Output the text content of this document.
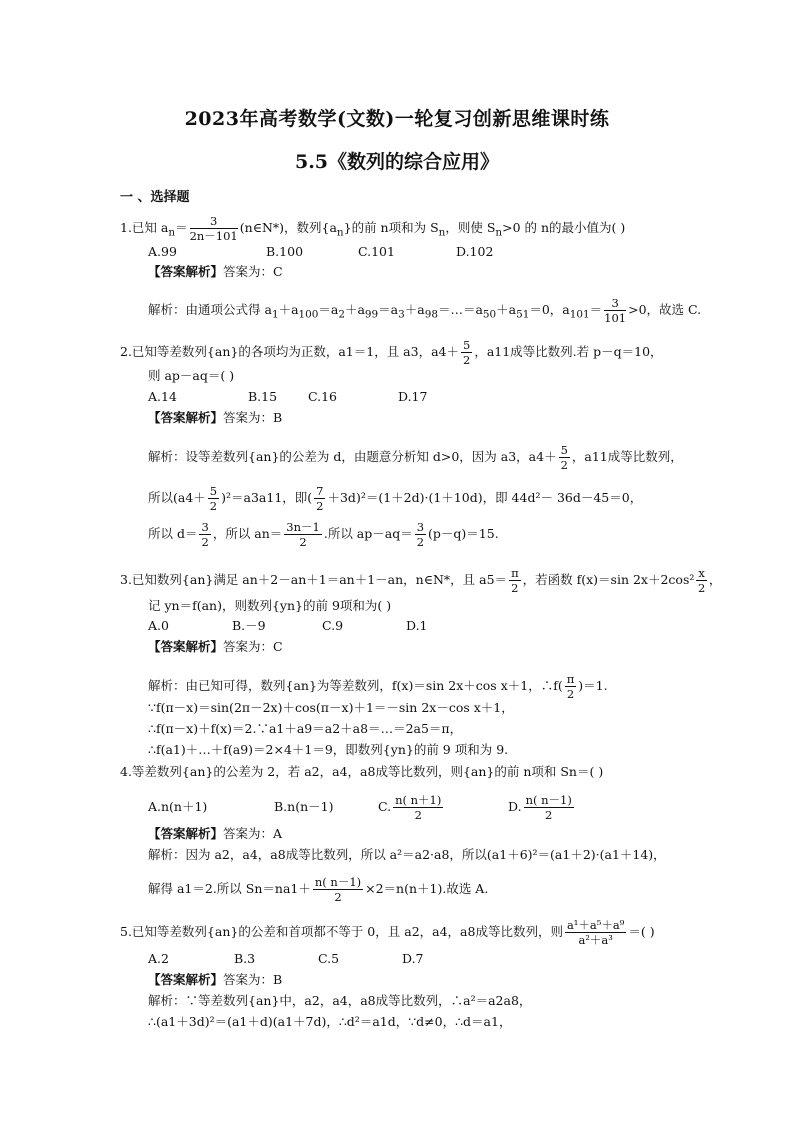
2023年高考数学(文数)一轮复习创新思维课时练
5.5《数列的综合应用》
一 、选择题
1.已知 $a_n= \frac{3}{2n-101}$ (n∈N*)，数列$\{a_n\}$的前 n项和为 $S_n$，则使 $S_n>0$ 的 n的最小值为( )
A.99	B.100	C.101	D.102
【答案解析】答案为：C
解析：由通项公式得 $a_1+a_{100}=a_2+a_{99}=a_3+a_{98}=\dots=a_{50}+a_{51}=0$，$a_{101}= \frac{3}{101} >0$，故选 C.
2.已知等差数列{an}的各项均为正数，a1＝1，且 a3，$a4+ \frac{5}{2}$ ，a11成等比数列.若 p－q＝10，
则 ap－aq＝( )
A.14	B.15 C.16	D.17
【答案解析】答案为：B
解析：设等差数列{an}的公差为 d，由题意分析知 d>0，因为 a3，$a4+ \frac{5}{2}$ ，a11成等比数列，
所以$(a4+ \frac{5}{2} )^2=a3a11$，即( $\frac{7}{2} +3d)^2=(1+2d)\cdot(1+10d)$，即 44d²－ 36d－45＝0，
所以 $d= \frac{3}{2}$ ，所以 $an= \frac{3n-1}{2}$ .所以 $ap-aq= \frac{3}{2} (p-q)=15$.
3.已知数列{an}满足 an＋2－an＋1＝an＋1－an，n∈N*，且 $a5= \frac{\pi}{2}$ ，若函数 f(x)＝sin $2x+2\cos^2 \frac{x}{2}$ ，
记 yn＝f(an)，则数列{yn}的前 9项和为( )
A.0	B.－9	C.9	D.1
【答案解析】答案为：C
解析：由已知可得，数列{an}为等差数列，f(x)＝sin 2x＋cos x＋1，∴f( $\frac{\pi}{2} )=1$.
∵f(π－x)＝sin(2π－2x)＋cos(π－x)＋1＝－sin 2x－cos x＋1，
∴f(π－x)＋f(x)＝2.∵a1＋a9＝a2＋a8＝…＝2a5＝π，
∴f(a1)＋…＋f(a9)＝2×4＋1＝9，即数列{yn}的前 9 项和为 9.
4.等差数列{an}的公差为 2，若 a2，a4，a8成等比数列，则{an}的前 n项和 Sn＝( )
A.n(n＋1)	B.n(n－1)	C. $\frac{n( n+1)}{2}$	D. $\frac{n( n-1)}{2}$
【答案解析】答案为：A
解析：因为 a2，a4，a8成等比数列，所以 a²＝a2·a8，所以(a1＋6)²＝(a1＋2)·(a1＋14)，
解得 a1＝2.所以 $Sn=na1+ \frac{n( n-1)}{2} \times 2=n(n+1)$.故选 A.
5.已知等差数列{an}的公差和首项都不等于 0，且 a2，a4，a8成等比数列，则 $\frac{\text{a¹＋a⁵＋a⁹}}{\text{a²＋a³}}$ ＝( )
A.2	B.3	C.5	D.7
【答案解析】答案为：B
解析：∵等差数列{an}中，a2，a4，a8成等比数列，∴a²＝a2a8，
∴(a1＋3d)²＝(a1＋d)(a1＋7d)，∴d²＝a1d，∵d≠0，∴d＝a1，
